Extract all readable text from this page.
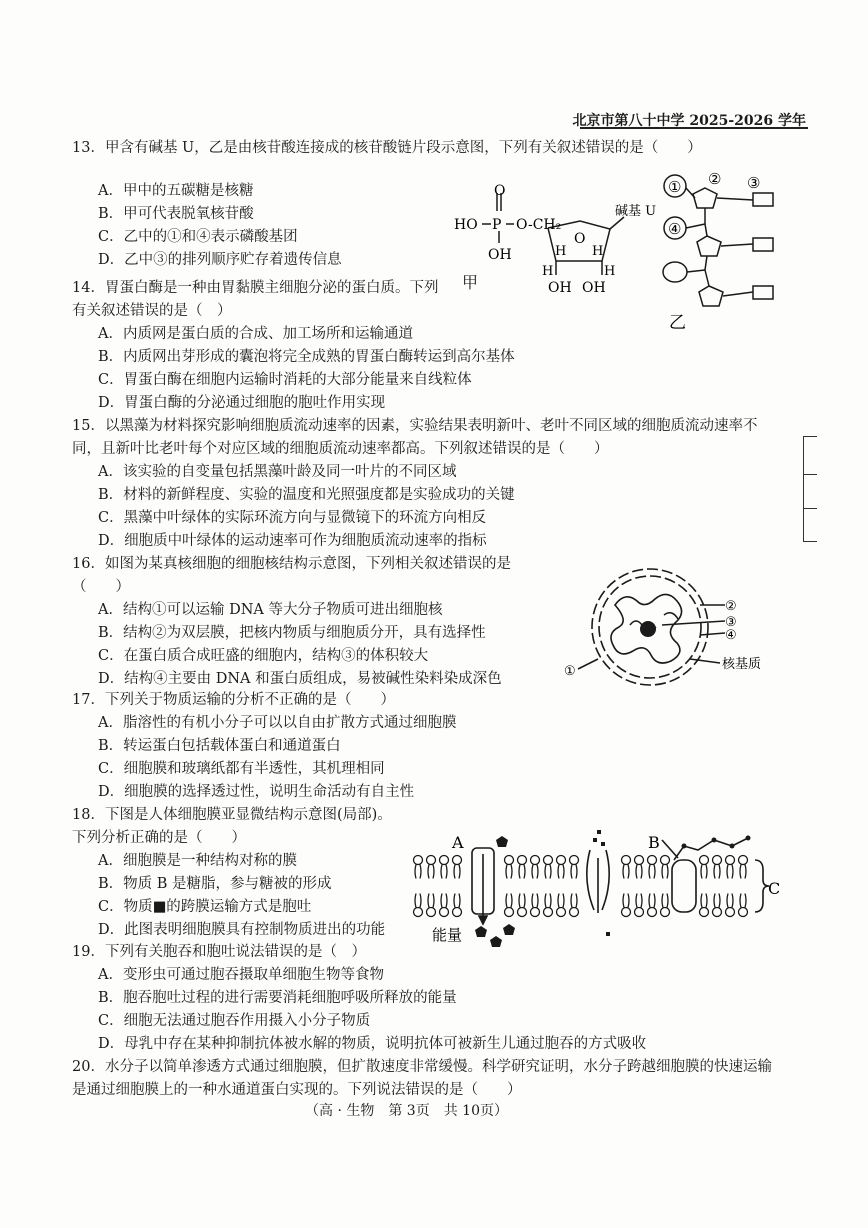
北京市第八十中学 2025-2026 学年
13．甲含有碱基 U，乙是由核苷酸连接成的核苷酸链片段示意图，下列有关叙述错误的是（　　）
A．甲中的五碳糖是核糖
B．甲可代表脱氧核苷酸
C．乙中的①和④表示磷酸基团
D．乙中③的排列顺序贮存着遗传信息
14．胃蛋白酶是一种由胃黏膜主细胞分泌的蛋白质。下列有关叙述错误的是（　）
A．内质网是蛋白质的合成、加工场所和运输通道
B．内质网出芽形成的囊泡将完全成熟的胃蛋白酶转运到高尔基体
C．胃蛋白酶在细胞内运输时消耗的大部分能量来自线粒体
D．胃蛋白酶的分泌通过细胞的胞吐作用实现
15．以黑藻为材料探究影响细胞质流动速率的因素，实验结果表明新叶、老叶不同区域的细胞质流动速率不同，且新叶比老叶每个对应区域的细胞质流动速率都高。下列叙述错误的是（　　）
A．该实验的自变量包括黑藻叶龄及同一叶片的不同区域
B．材料的新鲜程度、实验的温度和光照强度都是实验成功的关键
C．黑藻中叶绿体的实际环流方向与显微镜下的环流方向相反
D．细胞质中叶绿体的运动速率可作为细胞质流动速率的指标
16．如图为某真核细胞的细胞核结构示意图，下列相关叙述错误的是（　　）
A．结构①可以运输 DNA 等大分子物质可进出细胞核
B．结构②为双层膜，把核内物质与细胞质分开，具有选择性
C．在蛋白质合成旺盛的细胞内，结构③的体积较大
D．结构④主要由 DNA 和蛋白质组成，易被碱性染料染成深色
17．下列关于物质运输的分析不正确的是（　　）
A．脂溶性的有机小分子可以以自由扩散方式通过细胞膜
B．转运蛋白包括载体蛋白和通道蛋白
C．细胞膜和玻璃纸都有半透性，其机理相同
D．细胞膜的选择透过性，说明生命活动有自主性
18．下图是人体细胞膜亚显微结构示意图(局部)。下列分析正确的是（　　）
A．细胞膜是一种结构对称的膜
B．物质 B 是糖脂，参与糖被的形成
C．物质■的跨膜运输方式是胞吐
D．此图表明细胞膜具有控制物质进出的功能
19．下列有关胞吞和胞吐说法错误的是（　）
A．变形虫可通过胞吞摄取单细胞生物等食物
B．胞吞胞吐过程的进行需要消耗细胞呼吸所释放的能量
C．细胞无法通过胞吞作用摄入小分子物质
D．母乳中存在某种抑制抗体被水解的物质，说明抗体可被新生儿通过胞吞的方式吸收
20．水分子以简单渗透方式通过细胞膜，但扩散速度非常缓慢。科学研究证明，水分子跨越细胞膜的快速运输是通过细胞膜上的一种水通道蛋白实现的。下列说法错误的是（　　）
（高 · 生物　第 3页　共 10页）
O
HO P O-CH₂
OH
O
H H
H	H
OH OH
碱基 U
甲
① ② ③
④
乙
②
③
④
①	核基质
A	B
C
能量
